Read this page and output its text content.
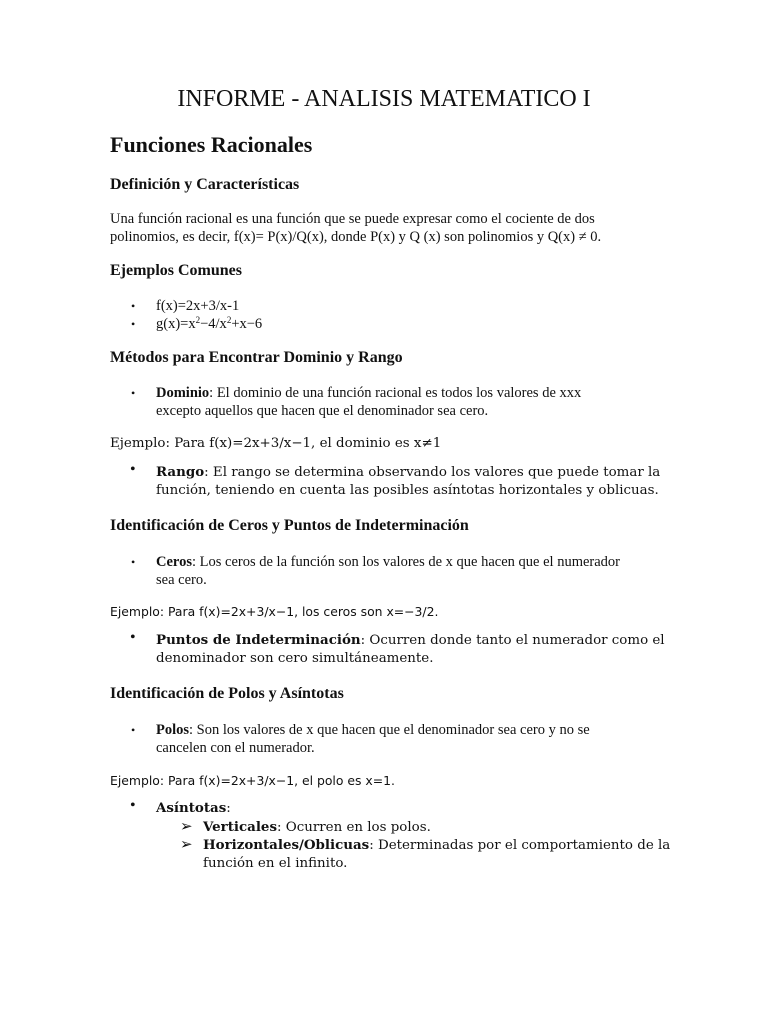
INFORME - ANALISIS MATEMATICO I
Funciones Racionales
Definición y Características
Una función racional es una función que se puede expresar como el cociente de dos
polinomios, es decir, f(x)= P(x)/Q(x), donde P(x) y Q (x) son polinomios y Q(x) ≠ 0.
Ejemplos Comunes
• f(x)=2x+3/x-1
• $g(x)=x^2-4/x^2+x-6$
Métodos para Encontrar Dominio y Rango
• Dominio: El dominio de una función racional es todos los valores de xxx
excepto aquellos que hacen que el denominador sea cero.
Ejemplo: Para f(x)=2x+3/x−1, el dominio es x≠1
• Rango: El rango se determina observando los valores que puede tomar la
función, teniendo en cuenta las posibles asíntotas horizontales y oblicuas.
Identificación de Ceros y Puntos de Indeterminación
• Ceros: Los ceros de la función son los valores de x que hacen que el numerador
sea cero.
Ejemplo: Para f(x)=2x+3/x−1, los ceros son x=−3/2.
• Puntos de Indeterminación: Ocurren donde tanto el numerador como el
denominador son cero simultáneamente.
Identificación de Polos y Asíntotas
• Polos: Son los valores de x que hacen que el denominador sea cero y no se
cancelen con el numerador.
Ejemplo: Para f(x)=2x+3/x−1, el polo es x=1.
• Asíntotas:
➢ Verticales: Ocurren en los polos.
➢ Horizontales/Oblicuas: Determinadas por el comportamiento de la
función en el infinito.
